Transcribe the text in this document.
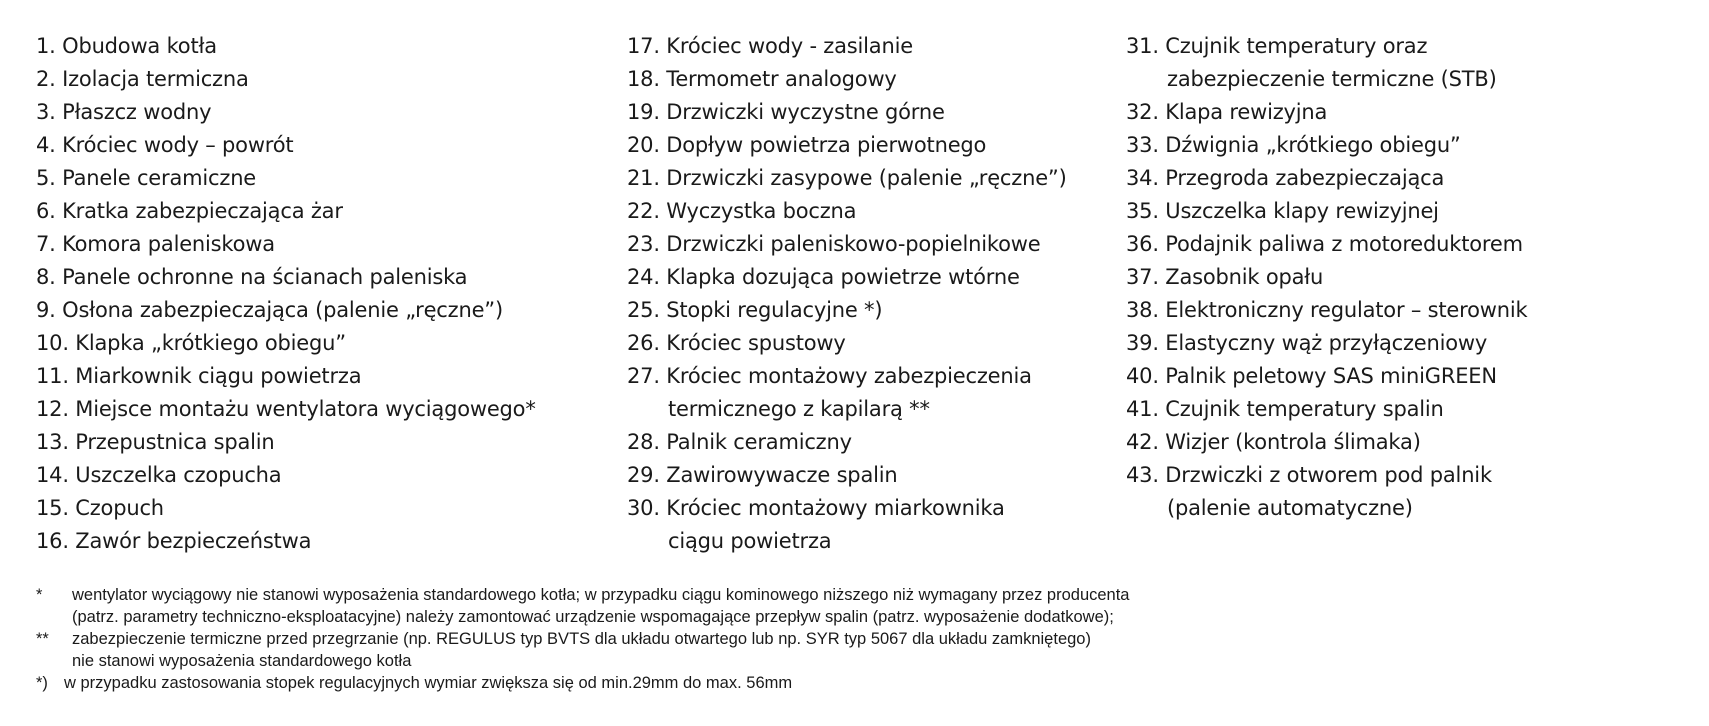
1. Obudowa kotła
2. Izolacja termiczna
3. Płaszcz wodny
4. Króciec wody – powrót
5. Panele ceramiczne
6. Kratka zabezpieczająca żar
7. Komora paleniskowa
8. Panele ochronne na ścianach paleniska
9. Osłona zabezpieczająca (palenie „ręczne”)
10. Klapka „krótkiego obiegu”
11. Miarkownik ciągu powietrza
12. Miejsce montażu wentylatora wyciągowego*
13. Przepustnica spalin
14. Uszczelka czopucha
15. Czopuch
16. Zawór bezpieczeństwa
17. Króciec wody - zasilanie
18. Termometr analogowy
19. Drzwiczki wyczystne górne
20. Dopływ powietrza pierwotnego
21. Drzwiczki zasypowe (palenie „ręczne”)
22. Wyczystka boczna
23. Drzwiczki paleniskowo-popielnikowe
24. Klapka dozująca powietrze wtórne
25. Stopki regulacyjne *)
26. Króciec spustowy
27. Króciec montażowy zabezpieczenia
termicznego z kapilarą **
28. Palnik ceramiczny
29. Zawirowywacze spalin
30. Króciec montażowy miarkownika
ciągu powietrza
31. Czujnik temperatury oraz
zabezpieczenie termiczne (STB)
32. Klapa rewizyjna
33. Dźwignia „krótkiego obiegu”
34. Przegroda zabezpieczająca
35. Uszczelka klapy rewizyjnej
36. Podajnik paliwa z motoreduktorem
37. Zasobnik opału
38. Elektroniczny regulator – sterownik
39. Elastyczny wąż przyłączeniowy
40. Palnik peletowy SAS miniGREEN
41. Czujnik temperatury spalin
42. Wizjer (kontrola ślimaka)
43. Drzwiczki z otworem pod palnik
(palenie automatyczne)
* wentylator wyciągowy nie stanowi wyposażenia standardowego kotła; w przypadku ciągu kominowego niższego niż wymagany przez producenta
(patrz. parametry techniczno-eksploatacyjne) należy zamontować urządzenie wspomagające przepływ spalin (patrz. wyposażenie dodatkowe);
** zabezpieczenie termiczne przed przegrzanie (np. REGULUS typ BVTS dla układu otwartego lub np. SYR typ 5067 dla układu zamkniętego)
nie stanowi wyposażenia standardowego kotła
*) w przypadku zastosowania stopek regulacyjnych wymiar zwiększa się od min.29mm do max. 56mm
